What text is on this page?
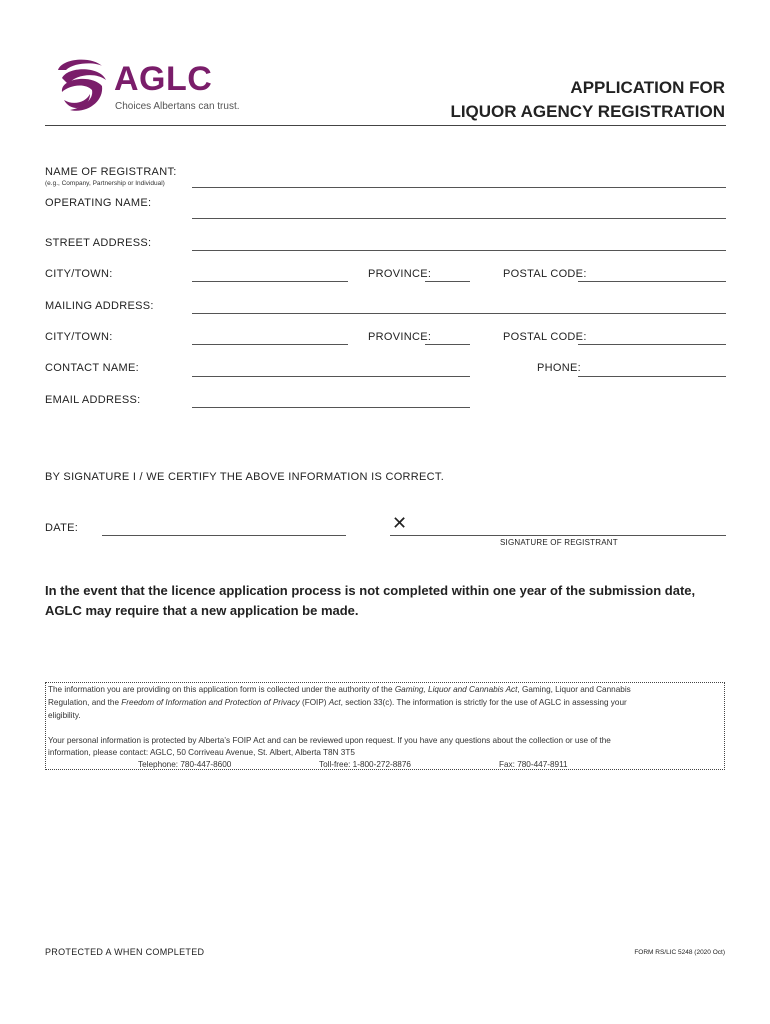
AGLC
Choices Albertans can trust.
APPLICATION FOR
LIQUOR AGENCY REGISTRATION
NAME OF REGISTRANT:
(e.g., Company, Partnership or Individual)
OPERATING NAME:
STREET ADDRESS:
CITY/TOWN:	PROVINCE:	POSTAL CODE:
MAILING ADDRESS:
CITY/TOWN:	PROVINCE:	POSTAL CODE:
CONTACT NAME:	PHONE:
EMAIL ADDRESS:
BY SIGNATURE I / WE CERTIFY THE ABOVE INFORMATION IS CORRECT.
DATE:	✕
SIGNATURE OF REGISTRANT
In the event that the licence application process is not completed within one year of the submission date,
AGLC may require that a new application be made.
The information you are providing on this application form is collected under the authority of the Gaming, Liquor and Cannabis Act, Gaming, Liquor and Cannabis
Regulation, and the Freedom of Information and Protection of Privacy (FOIP) Act, section 33(c). The information is strictly for the use of AGLC in assessing your
eligibility.
Your personal information is protected by Alberta’s FOIP Act and can be reviewed upon request. If you have any questions about the collection or use of the
information, please contact: AGLC, 50 Corriveau Avenue, St. Albert, Alberta T8N 3T5
Telephone: 780-447-8600	Toll-free: 1-800-272-8876	Fax: 780-447-8911
PROTECTED A WHEN COMPLETED	FORM RS/LIC 5248 (2020 Oct)
